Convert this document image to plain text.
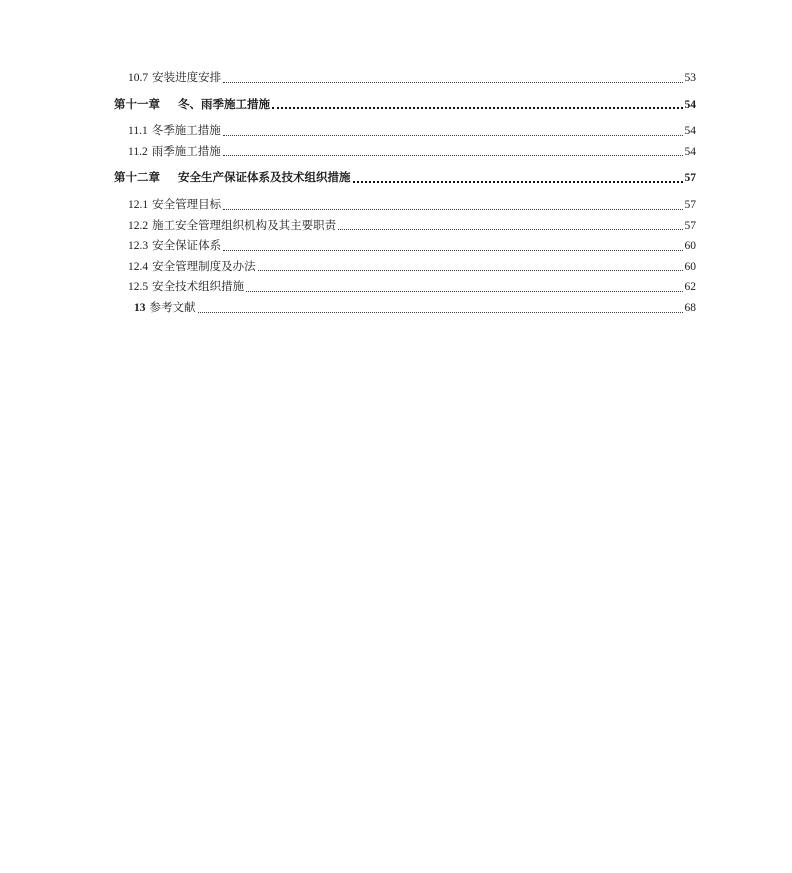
10.7 安装进度安排	53
第十一章 冬、雨季施工措施	54
11.1 冬季施工措施	54
11.2 雨季施工措施	54
第十二章 安全生产保证体系及技术组织措施	57
12.1 安全管理目标	57
12.2 施工安全管理组织机构及其主要职责	57
12.3 安全保证体系	60
12.4 安全管理制度及办法	60
12.5 安全技术组织措施	62
13 参考文献	68
